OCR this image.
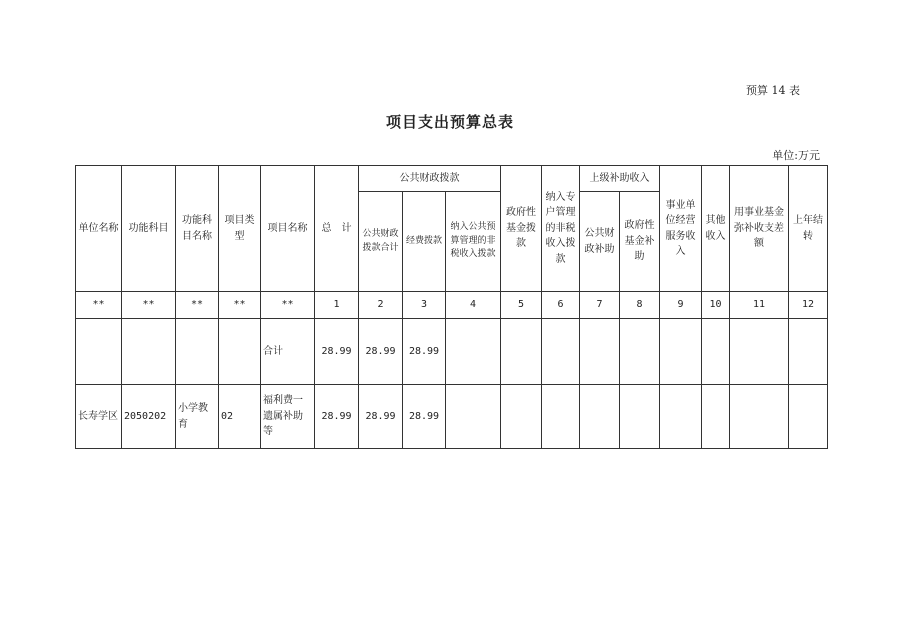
预算 14 表
项目支出预算总表
单位:万元
单位名称	功能科目	功能科目名称	项目类型	项目名称	总　计	公共财政拨款			政府性基金拨款	纳入专户管理的非税收入拨款	上级补助收入		事业单位经营服务收入	其他收入	用事业基金弥补收支差额	上年结转
						公共财政拨款合计	经费拨款	纳入公共预算管理的非税收入拨款			公共财政补助	政府性基金补助				
**	**	**	**	**	1	2	3	4	5	6	7	8	9	10	11	12
				合计	28.99	28.99	28.99									
长寿学区	2050202	小学教育	02	福利费一遗属补助等	28.99	28.99	28.99									
